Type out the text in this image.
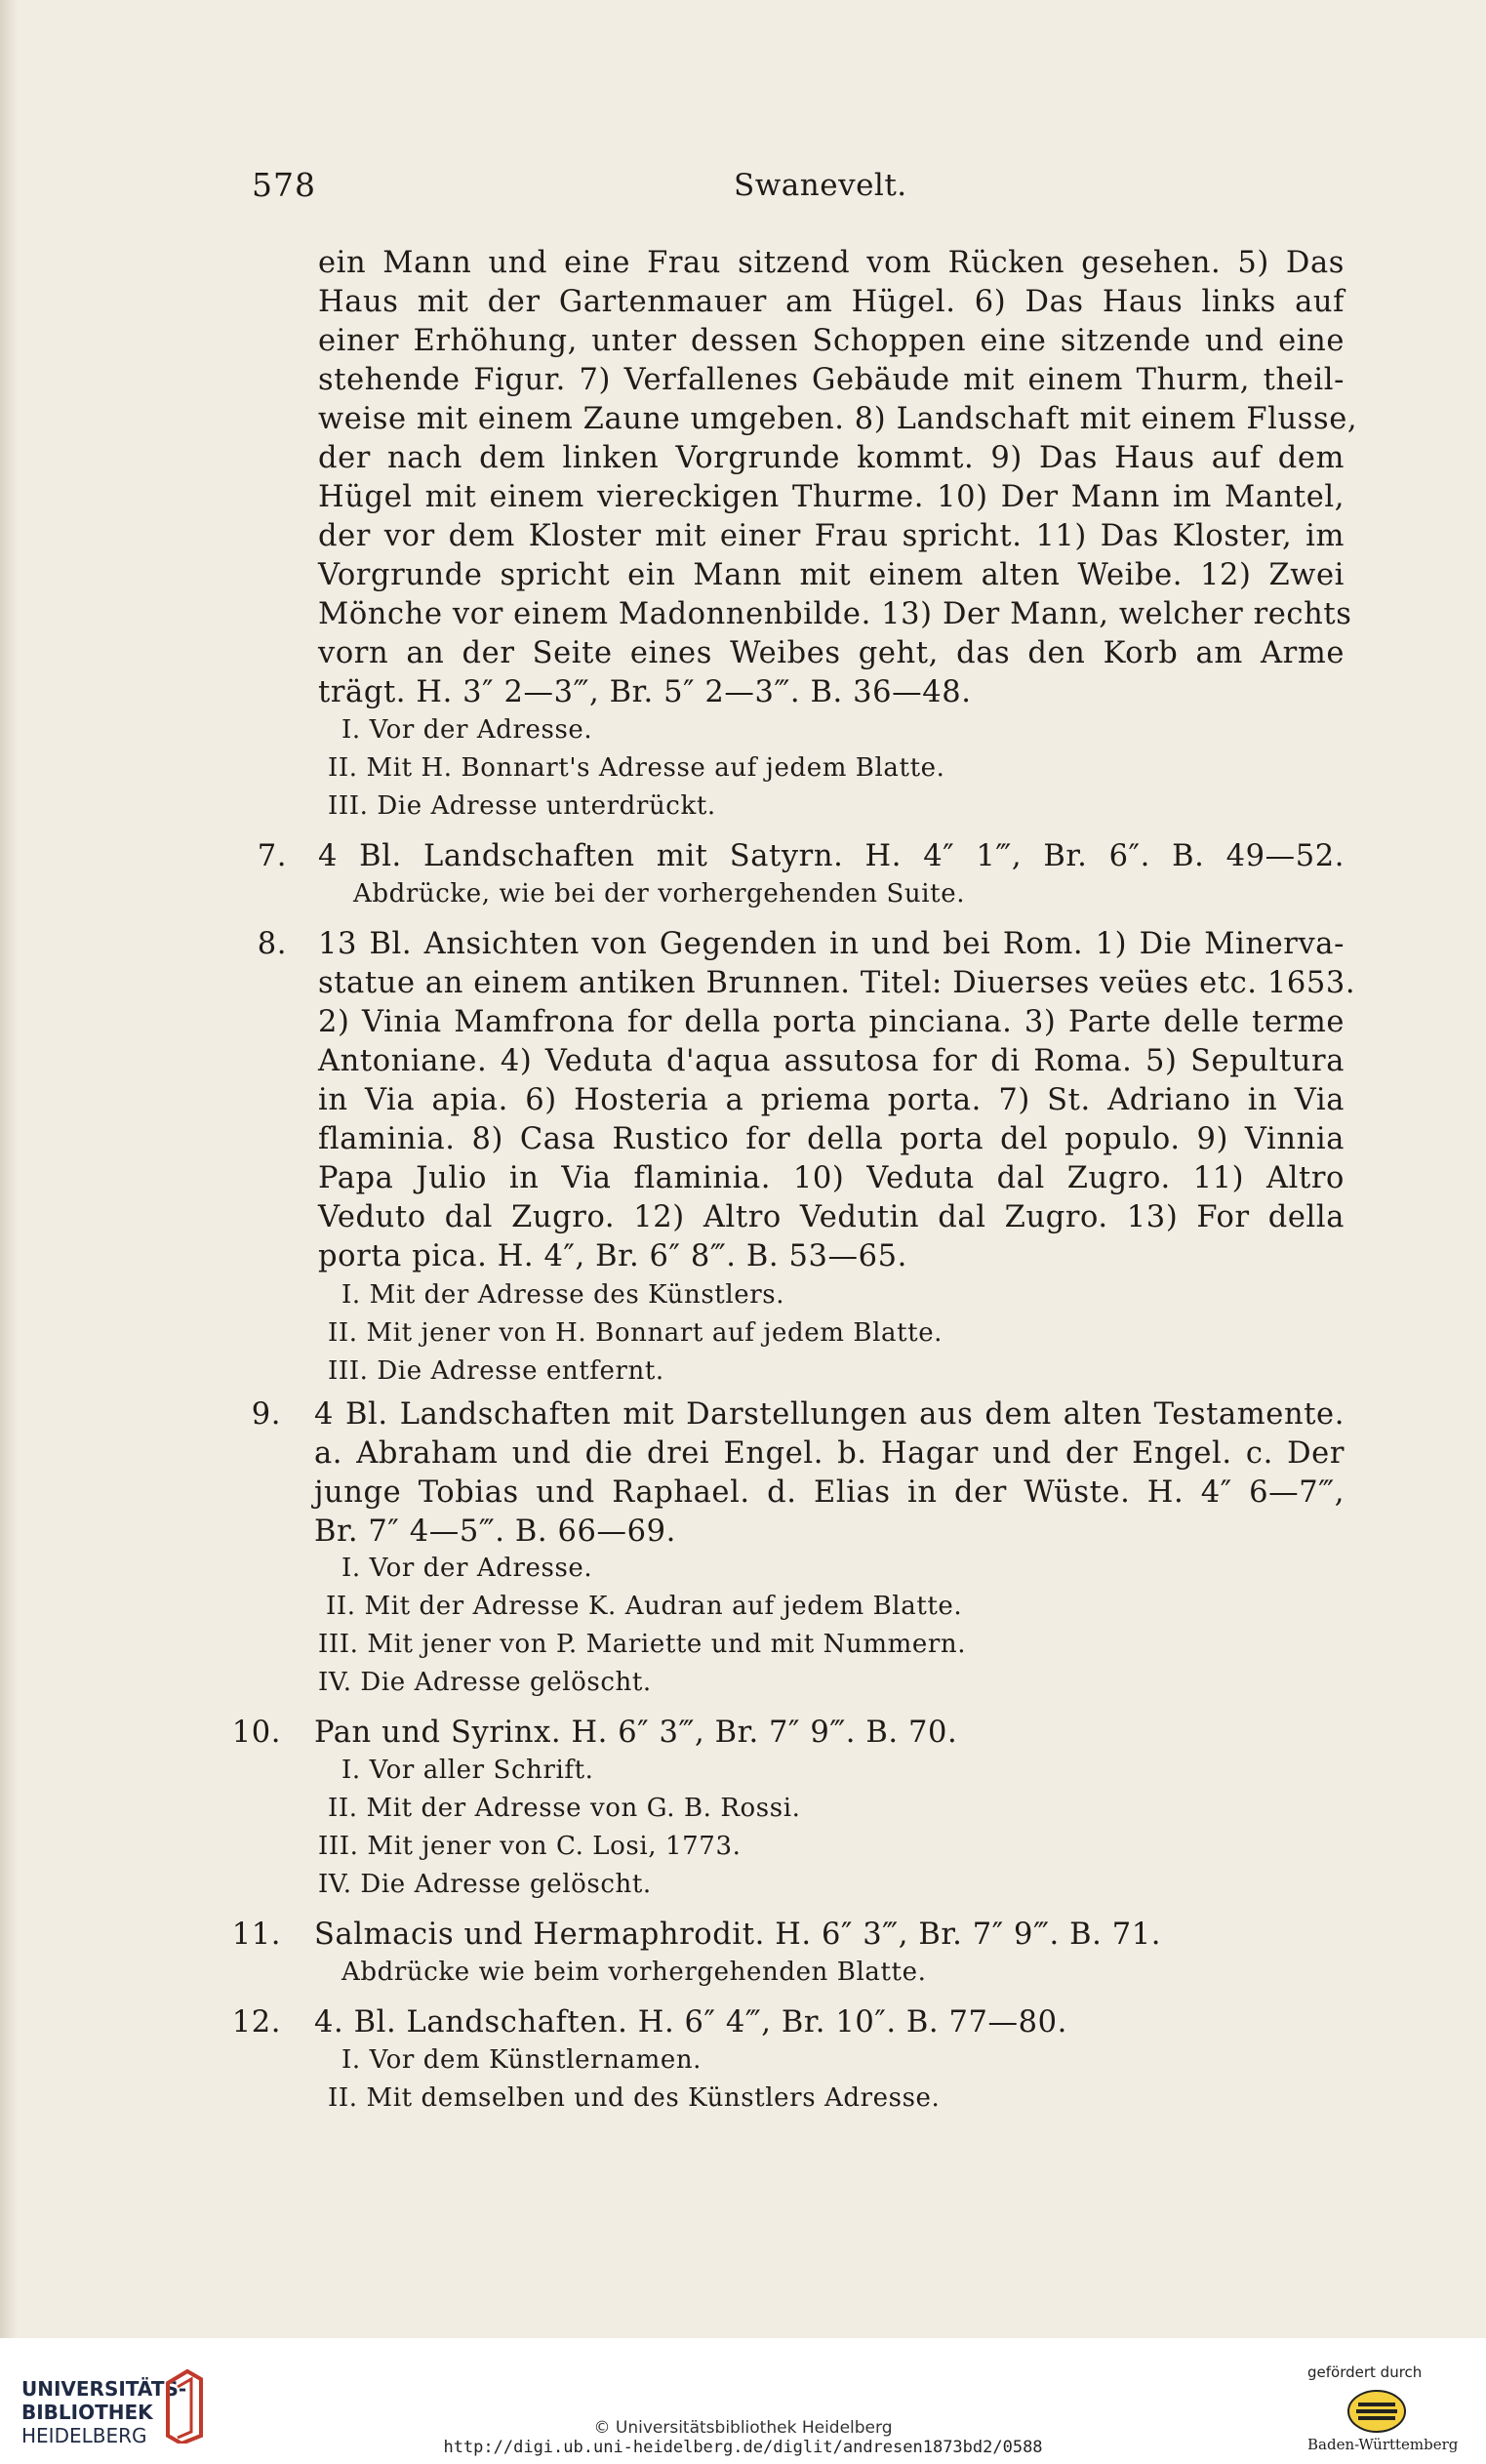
578	Swanevelt.
ein Mann und eine Frau sitzend vom Rücken gesehen. 5) Das
Haus mit der Gartenmauer am Hügel. 6) Das Haus links auf
einer Erhöhung, unter dessen Schoppen eine sitzende und eine
stehende Figur. 7) Verfallenes Gebäude mit einem Thurm, theil-
weise mit einem Zaune umgeben. 8) Landschaft mit einem Flusse,
der nach dem linken Vorgrunde kommt. 9) Das Haus auf dem
Hügel mit einem viereckigen Thurme. 10) Der Mann im Mantel,
der vor dem Kloster mit einer Frau spricht. 11) Das Kloster, im
Vorgrunde spricht ein Mann mit einem alten Weibe. 12) Zwei
Mönche vor einem Madonnenbilde. 13) Der Mann, welcher rechts
vorn an der Seite eines Weibes geht, das den Korb am Arme
trägt. H. 3″ 2—3‴, Br. 5″ 2—3‴. B. 36—48.
I. Vor der Adresse.
II. Mit H. Bonnart's Adresse auf jedem Blatte.
III. Die Adresse unterdrückt.
7. 4 Bl. Landschaften mit Satyrn. H. 4″ 1‴, Br. 6″. B. 49—52.
Abdrücke, wie bei der vorhergehenden Suite.
8. 13 Bl. Ansichten von Gegenden in und bei Rom. 1) Die Minerva-
statue an einem antiken Brunnen. Titel: Diuerses veües etc. 1653.
2) Vinia Mamfrona for della porta pinciana. 3) Parte delle terme
Antoniane. 4) Veduta d'aqua assutosa for di Roma. 5) Sepultura
in Via apia. 6) Hosteria a priema porta. 7) St. Adriano in Via
flaminia. 8) Casa Rustico for della porta del populo. 9) Vinnia
Papa Julio in Via flaminia. 10) Veduta dal Zugro. 11) Altro
Veduto dal Zugro. 12) Altro Vedutin dal Zugro. 13) For della
porta pica. H. 4″, Br. 6″ 8‴. B. 53—65.
I. Mit der Adresse des Künstlers.
II. Mit jener von H. Bonnart auf jedem Blatte.
III. Die Adresse entfernt.
9. 4 Bl. Landschaften mit Darstellungen aus dem alten Testamente.
a. Abraham und die drei Engel. b. Hagar und der Engel. c. Der
junge Tobias und Raphael. d. Elias in der Wüste. H. 4″ 6—7‴,
Br. 7″ 4—5‴. B. 66—69.
I. Vor der Adresse.
II. Mit der Adresse K. Audran auf jedem Blatte.
III. Mit jener von P. Mariette und mit Nummern.
IV. Die Adresse gelöscht.
10. Pan und Syrinx. H. 6″ 3‴, Br. 7″ 9‴. B. 70.
I. Vor aller Schrift.
II. Mit der Adresse von G. B. Rossi.
III. Mit jener von C. Losi, 1773.
IV. Die Adresse gelöscht.
11. Salmacis und Hermaphrodit. H. 6″ 3‴, Br. 7″ 9‴. B. 71.
Abdrücke wie beim vorhergehenden Blatte.
12. 4. Bl. Landschaften. H. 6″ 4‴, Br. 10″. B. 77—80.
I. Vor dem Künstlernamen.
II. Mit demselben und des Künstlers Adresse.
UNIVERSITÄTS-
BIBLIOTHEK
HEIDELBERG	© Universitätsbibliothek Heidelberg
http://digi.ub.uni-heidelberg.de/diglit/andresen1873bd2/0588
gefördert durch
Baden-Württemberg
